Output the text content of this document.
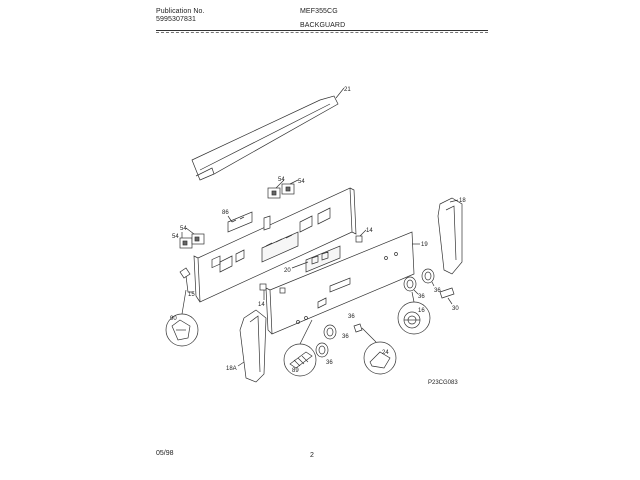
Publication No.
5995307831
MEF355CG
BACKGUARD
21
54 54
86
54
54
14
19
18
20
15
14
36
36
16	30
90
18A
36
89
24
36
36
P23CG083
05/98	2
